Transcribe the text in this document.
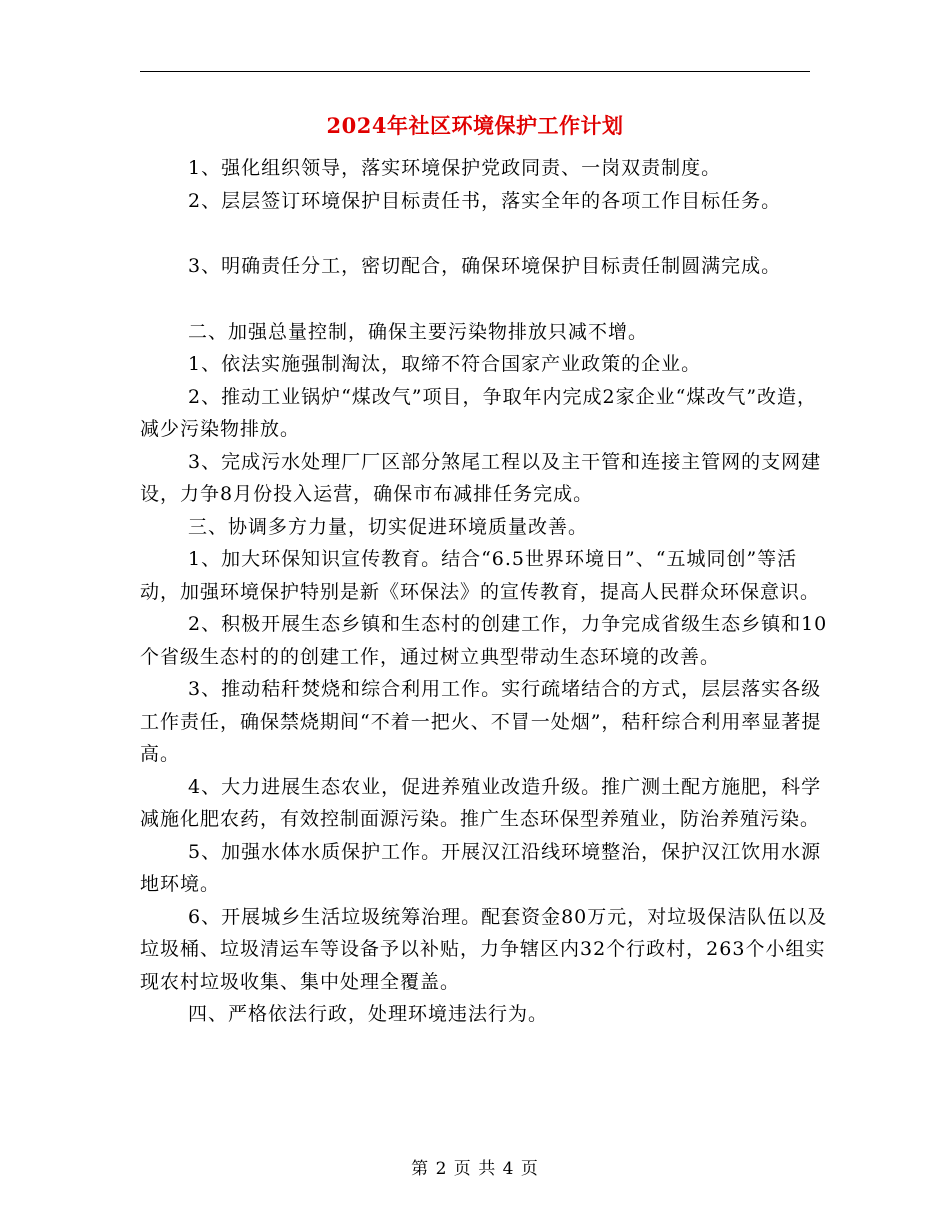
2024年社区环境保护工作计划

1、强化组织领导，落实环境保护党政同责、一岗双责制度。

2、层层签订环境保护目标责任书，落实全年的各项工作目标任务。

3、明确责任分工，密切配合，确保环境保护目标责任制圆满完成。

二、加强总量控制，确保主要污染物排放只减不增。

1、依法实施强制淘汰，取缔不符合国家产业政策的企业。

2、推动工业锅炉“煤改气”项目，争取年内完成2家企业“煤改气”改造，减少污染物排放。

3、完成污水处理厂厂区部分煞尾工程以及主干管和连接主管网的支网建设，力争8月份投入运营，确保市布减排任务完成。

三、协调多方力量，切实促进环境质量改善。

1、加大环保知识宣传教育。结合“6.5世界环境日”、“五城同创”等活动，加强环境保护特别是新《环保法》的宣传教育，提高人民群众环保意识。

2、积极开展生态乡镇和生态村的创建工作，力争完成省级生态乡镇和10个省级生态村的的创建工作，通过树立典型带动生态环境的改善。

3、推动秸秆焚烧和综合利用工作。实行疏堵结合的方式，层层落实各级工作责任，确保禁烧期间“不着一把火、不冒一处烟”，秸秆综合利用率显著提高。

4、大力进展生态农业，促进养殖业改造升级。推广测土配方施肥，科学减施化肥农药，有效控制面源污染。推广生态环保型养殖业，防治养殖污染。

5、加强水体水质保护工作。开展汉江沿线环境整治，保护汉江饮用水源地环境。

6、开展城乡生活垃圾统筹治理。配套资金80万元，对垃圾保洁队伍以及垃圾桶、垃圾清运车等设备予以补贴，力争辖区内32个行政村，263个小组实现农村垃圾收集、集中处理全覆盖。

四、严格依法行政，处理环境违法行为。

第 2 页 共 4 页
